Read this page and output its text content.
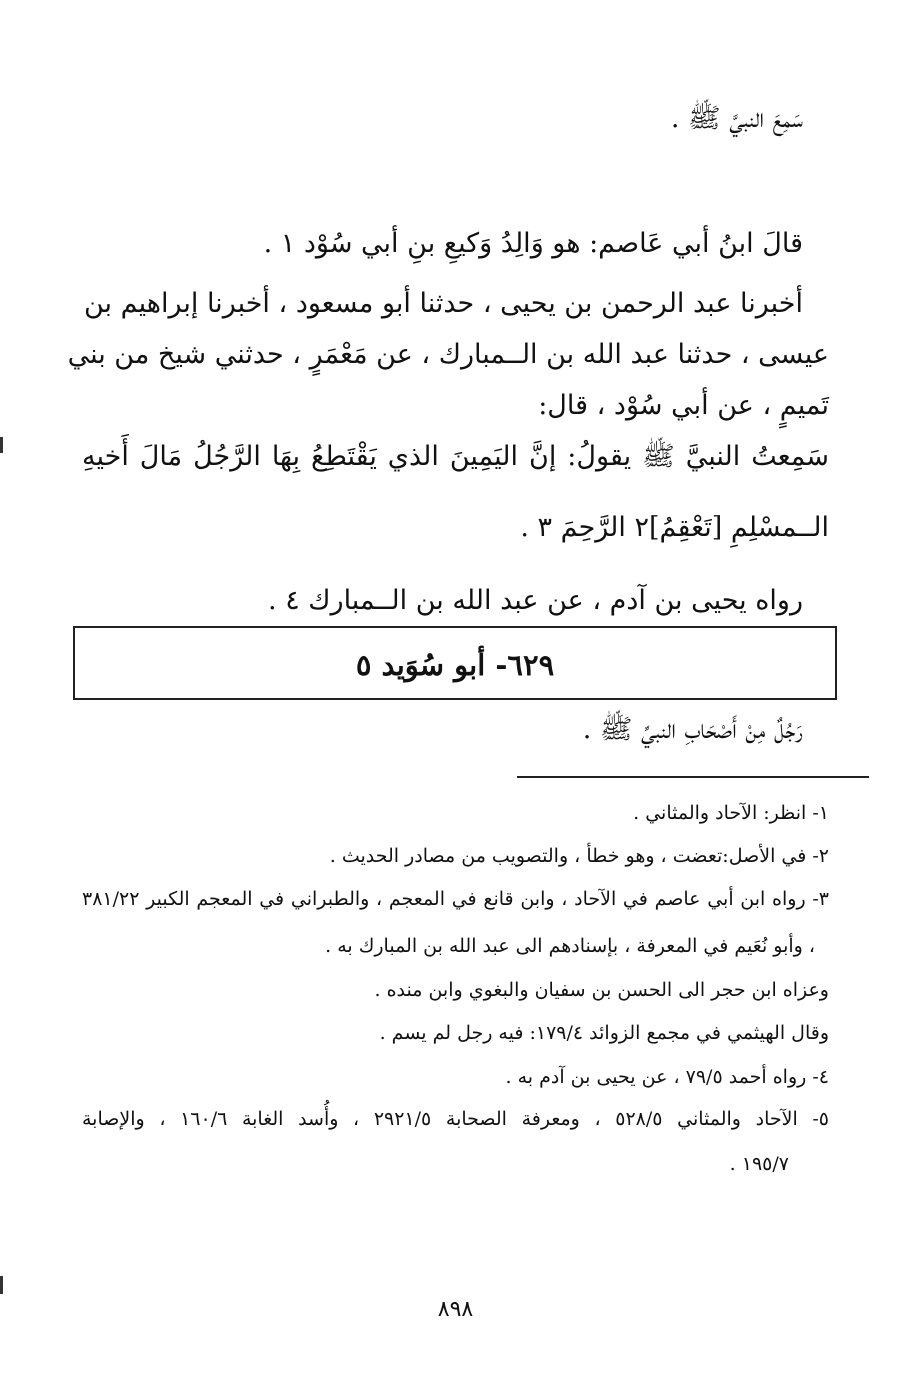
سَمِعَ النبيَّ ﷺ .
قالَ ابنُ أبي عَاصم: هو وَالِدُ وَكيعِ بنِ أبي سُوْد ١ .
أخبرنا عبد الرحمن بن يحيى ، حدثنا أبو مسعود ، أخبرنا إبراهيم بن
عيسى ، حدثنا عبد الله بن الــمبارك ، عن مَعْمَرٍ ، حدثني شيخ من بني
تَميمٍ ، عن أبي سُوْد ، قال:
سَمِعتُ النبيَّ ﷺ يقولُ: إنَّ اليَمِينَ الذي يَقْتَطِعُ بِهَا الرَّجُلُ مَالَ أَخيهِ
الــمسْلِمِ [تَعْقِمُ]٢ الرَّحِمَ ٣ .
رواه يحيى بن آدم ، عن عبد الله بن الــمبارك ٤ .
٦٢٩- أبو سُوَيد ٥
رَجُلٌ مِنْ أَصْحَابِ النبيِّ ﷺ .
١- انظر: الآحاد والمثاني .
٢- في الأصل:تعضت ، وهو خطأ ، والتصويب من مصادر الحديث .
٣- رواه ابن أبي عاصم في الآحاد ، وابن قانع في المعجم ، والطبراني في المعجم الكبير ٣٨١/٢٢
، وأبو نُعَيم في المعرفة ، بإسنادهم الى عبد الله بن المبارك به .
وعزاه ابن حجر الى الحسن بن سفيان والبغوي وابن منده .
وقال الهيثمي في مجمع الزوائد ١٧٩/٤: فيه رجل لم يسم .
٤- رواه أحمد ٧٩/٥ ، عن يحيى بن آدم به .
٥- الآحاد والمثاني ٥٢٨/٥ ، ومعرفة الصحابة ٢٩٢١/٥ ، وأُسد الغابة ١٦٠/٦ ، والإصابة
١٩٥/٧ .
٨٩٨
